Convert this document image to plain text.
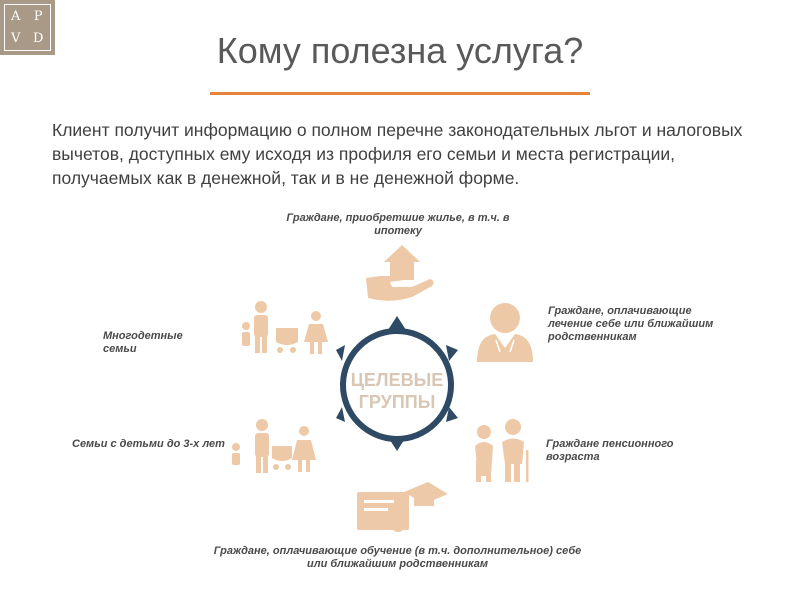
A P
V D	Кому полезна услуга?
Клиент получит информацию о полном перечне законодательных льгот и налоговых вычетов, доступных ему исходя из профиля его семьи и места регистрации, получаемых как в денежной, так и в не денежной форме.
ЦЕЛЕВЫЕ
ГРУППЫ
Граждане, приобретшие жилье, в т.ч. в ипотеку
Граждане, оплачивающие лечение себе или ближайшим родственникам
Граждане пенсионного возраста
Граждане, оплачивающие обучение (в т.ч. дополнительное) себе или ближайшим родственникам
Семьи с детьми до 3-х лет
Многодетные семьи
